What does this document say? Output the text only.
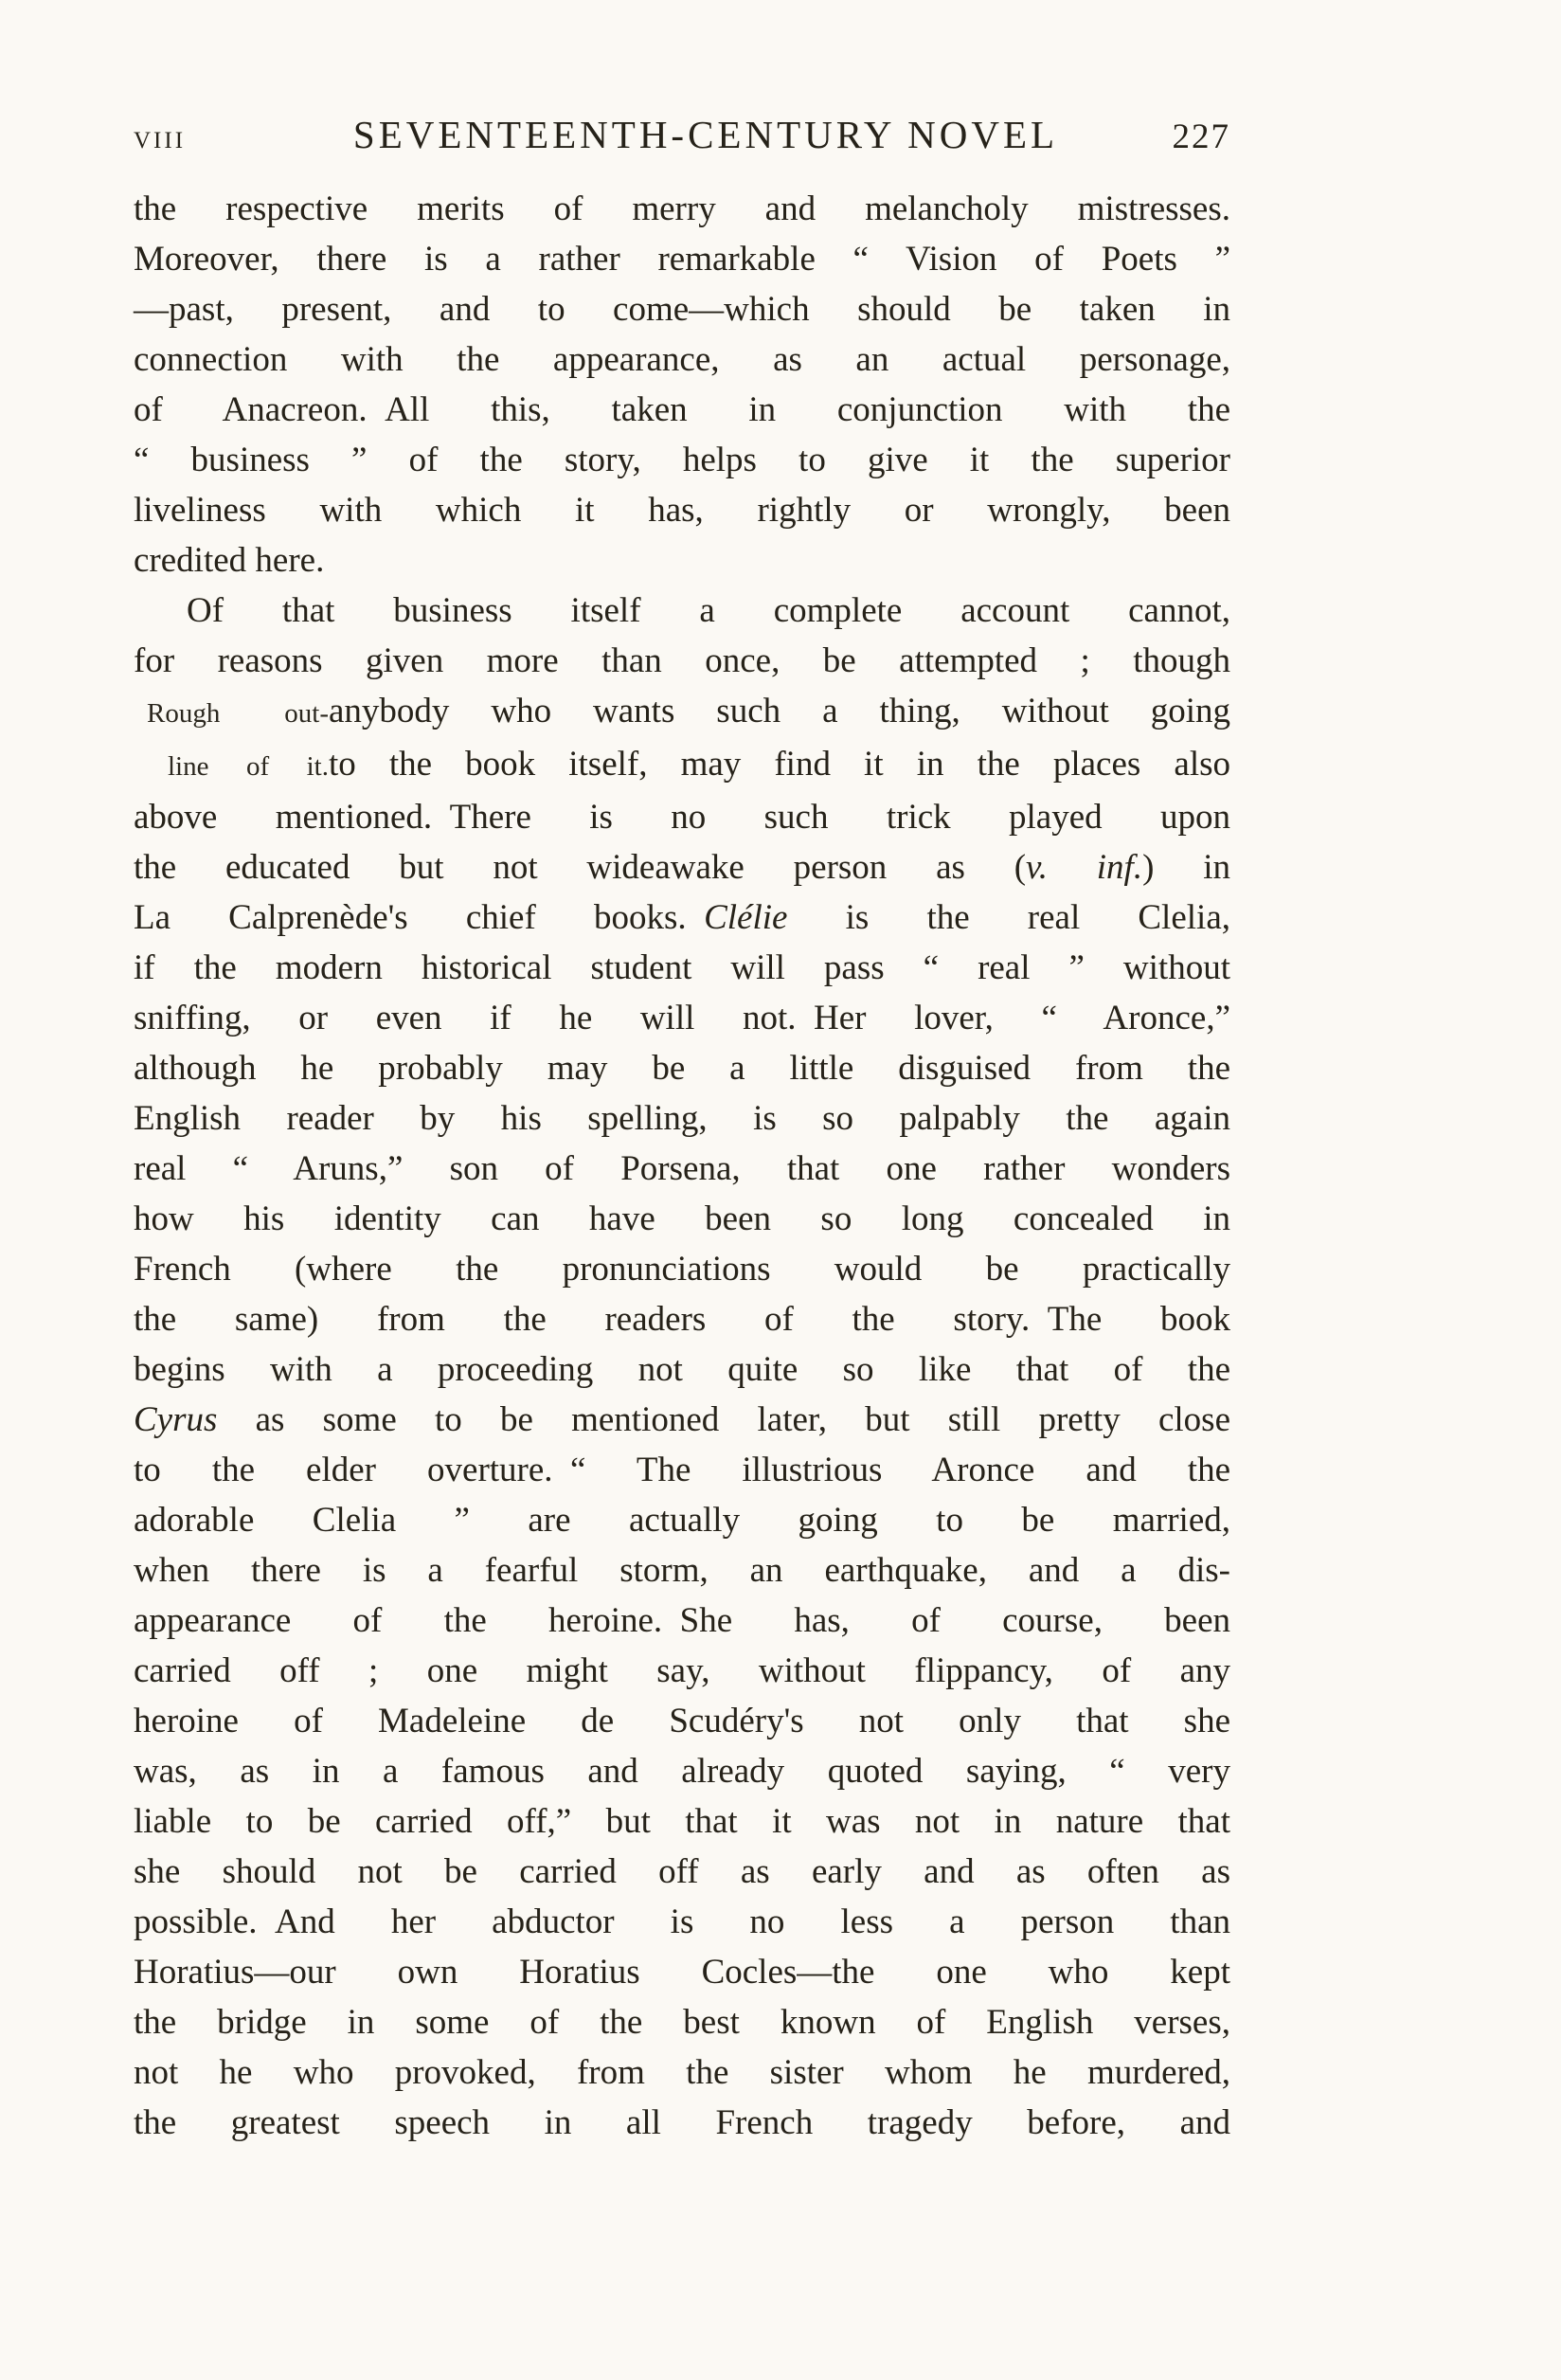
VIII	SEVENTEENTH-CENTURY NOVEL	227
the respective merits of merry and melancholy mistresses.
Moreover, there is a rather remarkable “ Vision of Poets ”
—past, present, and to come—which should be taken in
connection with the appearance, as an actual personage,
of Anacreon. All this, taken in conjunction with the
“ business ” of the story, helps to give it the superior
liveliness with which it has, rightly or wrongly, been
credited here.
Of that business itself a complete account cannot,
for reasons given more than once, be attempted ; though
Rough out- anybody who wants such a thing, without going
line of it. to the book itself, may find it in the places also
above mentioned. There is no such trick played upon
the educated but not wideawake person as (v. inf.) in
La Calprenède's chief books. Clélie is the real Clelia,
if the modern historical student will pass “ real ” without
sniffing, or even if he will not. Her lover, “ Aronce,”
although he probably may be a little disguised from the
English reader by his spelling, is so palpably the again
real “ Aruns,” son of Porsena, that one rather wonders
how his identity can have been so long concealed in
French (where the pronunciations would be practically
the same) from the readers of the story. The book
begins with a proceeding not quite so like that of the
Cyrus as some to be mentioned later, but still pretty close
to the elder overture. “ The illustrious Aronce and the
adorable Clelia ” are actually going to be married,
when there is a fearful storm, an earthquake, and a dis-
appearance of the heroine. She has, of course, been
carried off ; one might say, without flippancy, of any
heroine of Madeleine de Scudéry's not only that she
was, as in a famous and already quoted saying, “ very
liable to be carried off,” but that it was not in nature that
she should not be carried off as early and as often as
possible. And her abductor is no less a person than
Horatius—our own Horatius Cocles—the one who kept
the bridge in some of the best known of English verses,
not he who provoked, from the sister whom he murdered,
the greatest speech in all French tragedy before, and
